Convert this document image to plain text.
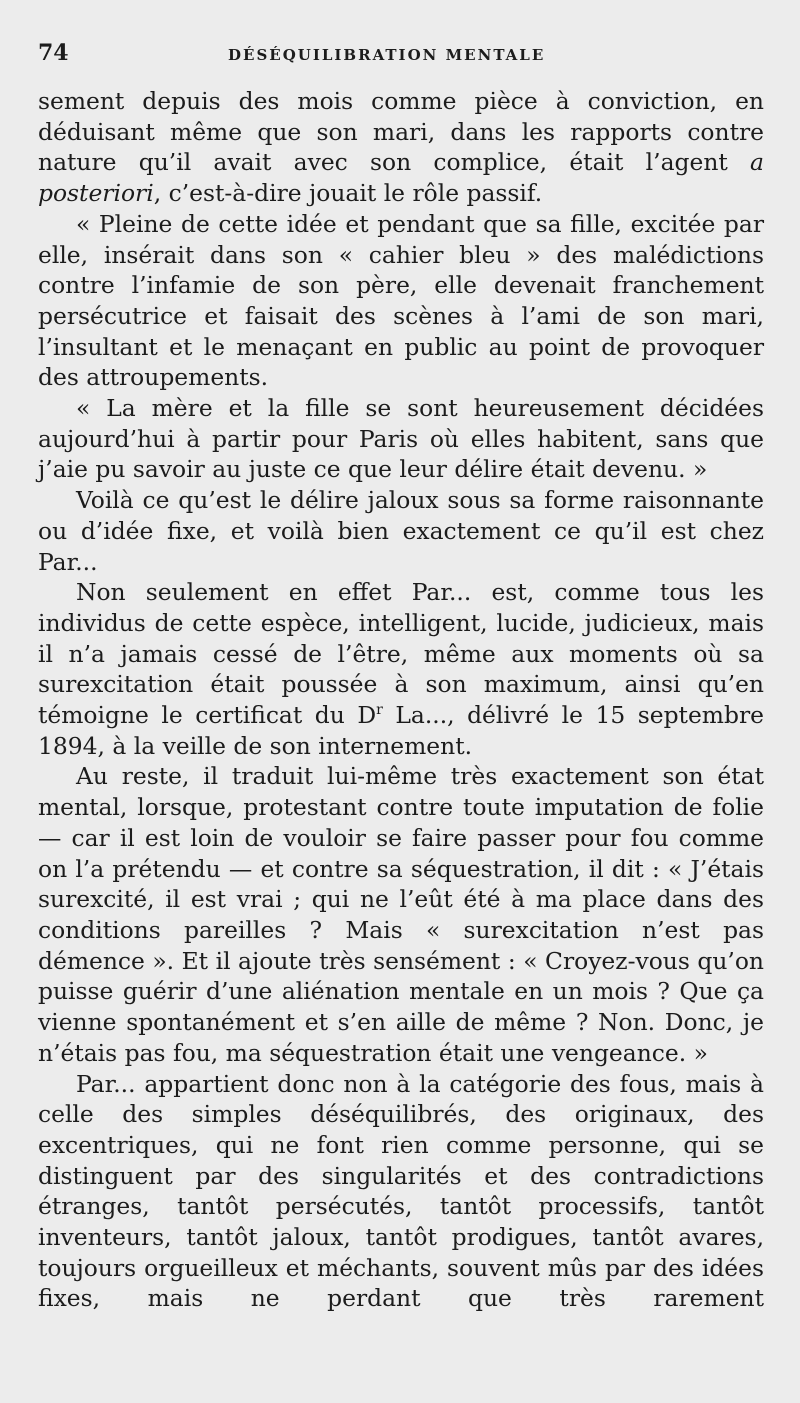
74	DÉSÉQUILIBRATION MENTALE

sement depuis des mois comme pièce à conviction, en déduisant même que son mari, dans les rapports contre nature qu’il avait avec son complice, était l’agent a posteriori, c’est-à-dire jouait le rôle passif.

« Pleine de cette idée et pendant que sa fille, excitée par elle, insérait dans son « cahier bleu » des malédictions contre l’infamie de son père, elle devenait franchement persécutrice et faisait des scènes à l’ami de son mari, l’insultant et le menaçant en public au point de provoquer des attroupements.

« La mère et la fille se sont heureusement décidées aujourd’hui à partir pour Paris où elles habitent, sans que j’aie pu savoir au juste ce que leur délire était devenu. »

Voilà ce qu’est le délire jaloux sous sa forme raisonnante ou d’idée fixe, et voilà bien exactement ce qu’il est chez Par...

Non seulement en effet Par... est, comme tous les individus de cette espèce, intelligent, lucide, judicieux, mais il n’a jamais cessé de l’être, même aux moments où sa surexcitation était poussée à son maximum, ainsi qu’en témoigne le certificat du $D^r$ La..., délivré le 15 septembre 1894, à la veille de son internement.

Au reste, il traduit lui-même très exactement son état mental, lorsque, protestant contre toute imputation de folie — car il est loin de vouloir se faire passer pour fou comme on l’a prétendu — et contre sa séquestration, il dit : « J’étais surexcité, il est vrai ; qui ne l’eût été à ma place dans des conditions pareilles ? Mais « surexcitation n’est pas démence ». Et il ajoute très sensément : « Croyez-vous qu’on puisse guérir d’une aliénation mentale en un mois ? Que ça vienne spontanément et s’en aille de même ? Non. Donc, je n’étais pas fou, ma séquestration était une vengeance. »

Par... appartient donc non à la catégorie des fous, mais à celle des simples déséquilibrés, des originaux, des excentriques, qui ne font rien comme personne, qui se distinguent par des singularités et des contradictions étranges, tantôt persécutés, tantôt processifs, tantôt inventeurs, tantôt jaloux, tantôt prodigues, tantôt avares, toujours orgueilleux et méchants, souvent mûs par des idées fixes, mais ne perdant que très rarement
